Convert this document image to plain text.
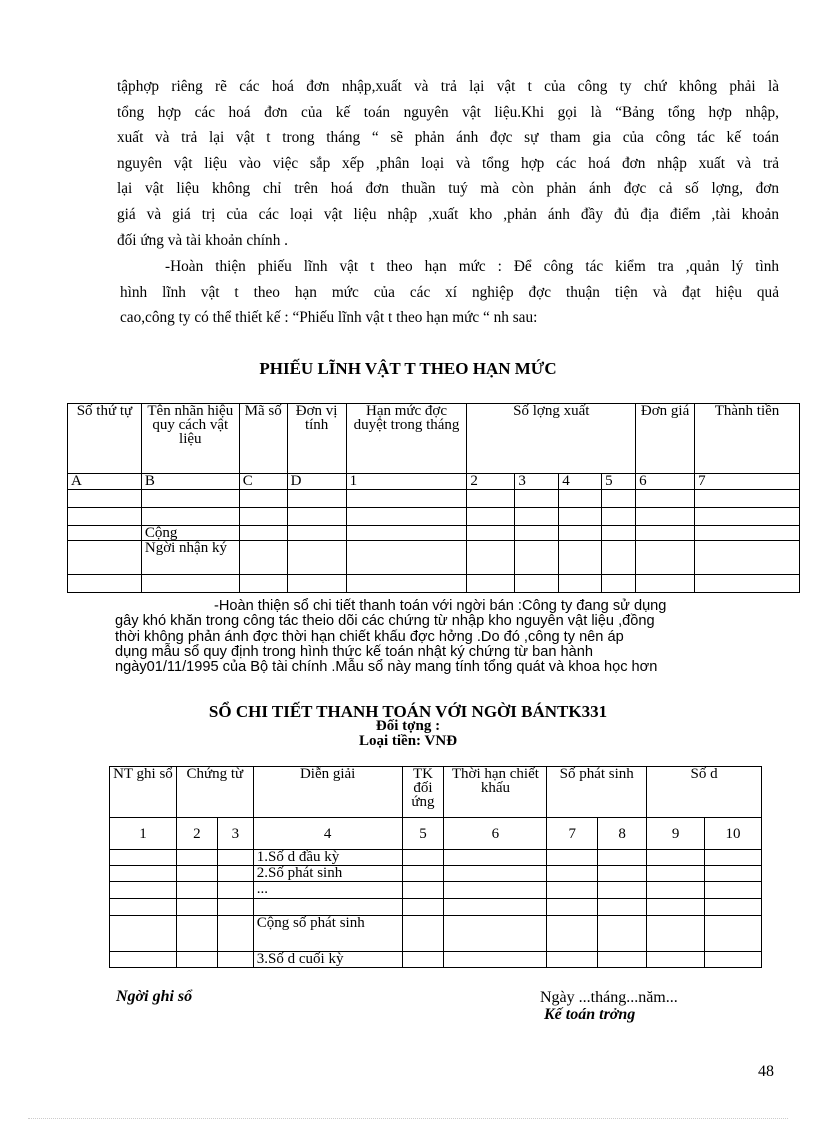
tậphợp riêng rẽ các hoá đơn nhập,xuất và trả lại vật t của công ty chứ không phải là
tổng hợp các hoá đơn của kế toán nguyên vật liệu.Khi gọi là “Bảng tổng hợp nhập,
xuất và trả lại vật t trong tháng “ sẽ phản ánh đợc sự tham gia của công tác kế toán
nguyên vật liệu vào việc sắp xếp ,phân loại và tổng hợp các hoá đơn nhập xuất và trả
lại vật liệu không chỉ trên hoá đơn thuần tuý mà còn phản ánh đợc cả số lợng, đơn
giá và giá trị của các loại vật liệu nhập ,xuất kho ,phản ánh đầy đủ địa điểm ,tài khoản
đối ứng và tài khoản chính .
-Hoàn thiện phiếu lĩnh vật t theo hạn mức : Để công tác kiểm tra ,quản lý tình
hình lĩnh vật t theo hạn mức của các xí nghiệp đợc thuận tiện và đạt hiệu quả
cao,công ty có thể thiết kế : “Phiếu lĩnh vật t theo hạn mức “ nh sau:
PHIẾU LĨNH VẬT T THEO HẠN MỨC
Số thứ tự	Tên nhãn hiệu quy cách vật liệu	Mã số	Đơn vị tính	Hạn mức đợc duyệt trong tháng	Số lợng xuất				Đơn giá	Thành tiền
A	B	C	D	1	2	3	4	5	6	7

	Cộng									
	Ngời nhận ký									

-Hoàn thiện sổ chi tiết thanh toán với ngời bán :Công ty đang sử dụng
gây khó khăn trong công tác theio dõi các chứng từ nhập kho nguyên vật liệu ,đồng
thời không phản ánh đợc thời hạn chiết khấu đợc hởng .Do đó ,công ty nên áp
dụng mẫu sổ quy định trong hình thức kế toán nhật ký chứng từ ban hành
ngày01/11/1995 của Bộ tài chính .Mẫu sổ này mang tính tổng quát và khoa học hơn
SỔ CHI TIẾT THANH TOÁN VỚI NGỜI BÁNTK331
Đối tợng :
Loại tiền: VNĐ
NT ghi sổ	Chứng từ		Diễn giải	TK đối ứng	Thời hạn chiết khấu	Số phát sinh		Số d	
1	2	3	4	5	6	7	8	9	10
			1.Số d đầu kỳ						
			2.Số phát sinh						
			...						

			Cộng số phát sinh						
			3.Số d cuối kỳ						
Ngời ghi sổ	Ngày ...tháng...năm...
Kế toán trởng
48
